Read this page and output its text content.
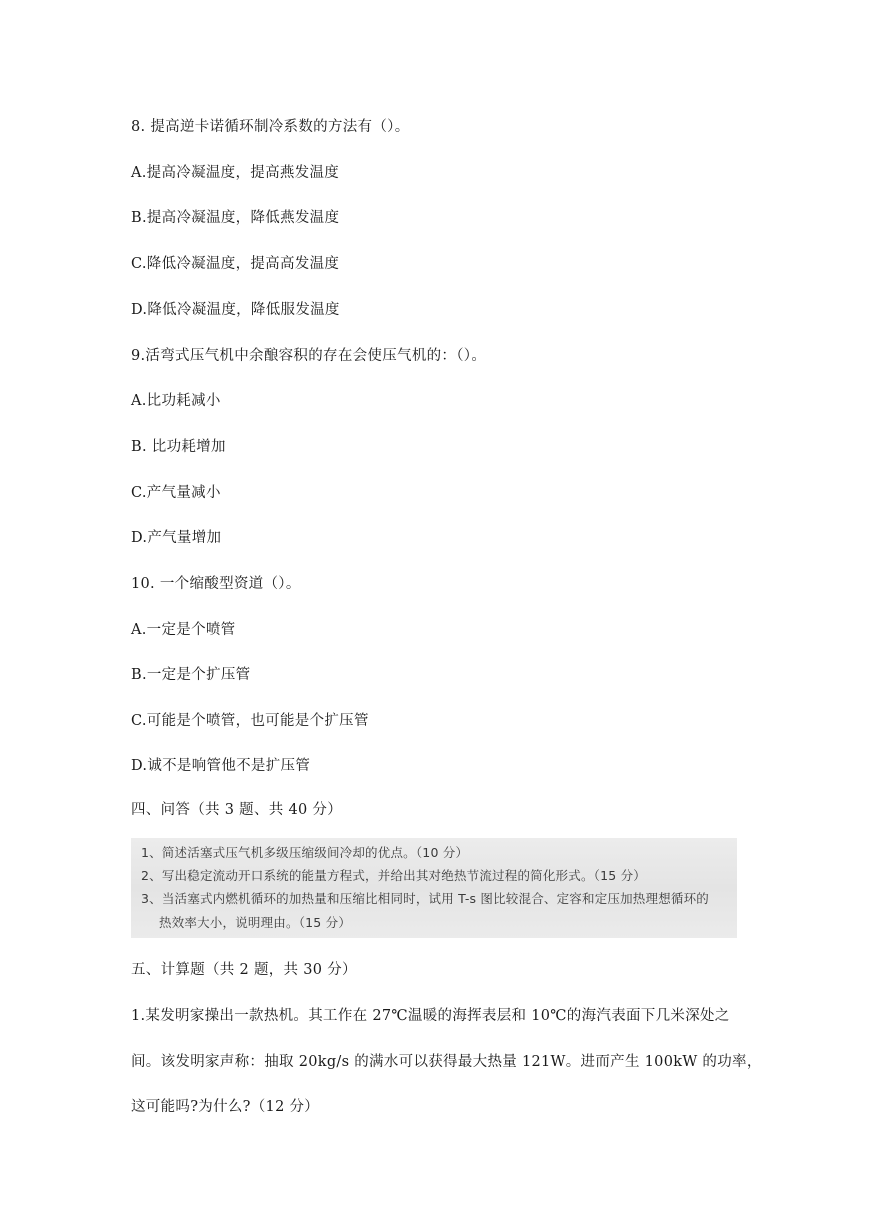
8. 提高逆卡诺循环制冷系数的方法有（）。
A.提高冷凝温度，提高燕发温度
B.提高冷凝温度，降低燕发温度
C.降低冷凝温度，提高高发温度
D.降低冷凝温度，降低服发温度
9.活弯式压气机中余酿容积的存在会使压气机的：（）。
A.比功耗减小
B. 比功耗增加
C.产气量减小
D.产气量增加
10. 一个缩酸型资道（）。
A.一定是个喷管
B.一定是个扩压管
C.可能是个喷管，也可能是个扩压管
D.诚不是响管他不是扩压管
四、问答（共 3 题、共 40 分）
1、简述活塞式压气机多级压缩级间冷却的优点。（10 分）
2、写出稳定流动开口系统的能量方程式，并给出其对绝热节流过程的简化形式。（15 分）
3、当活塞式内燃机循环的加热量和压缩比相同时，试用 T-s 图比较混合、定容和定压加热理想循环的
热效率大小，说明理由。（15 分）
五、计算题（共 2 题，共 30 分）
1.某发明家操出一款热机。其工作在 27℃温暖的海挥表层和 10℃的海汽表面下几米深处之
间。该发明家声称：抽取 20kg/s 的满水可以获得最大热量 121W。进而产生 100kW 的功率，
这可能吗?为什么?（12 分）
